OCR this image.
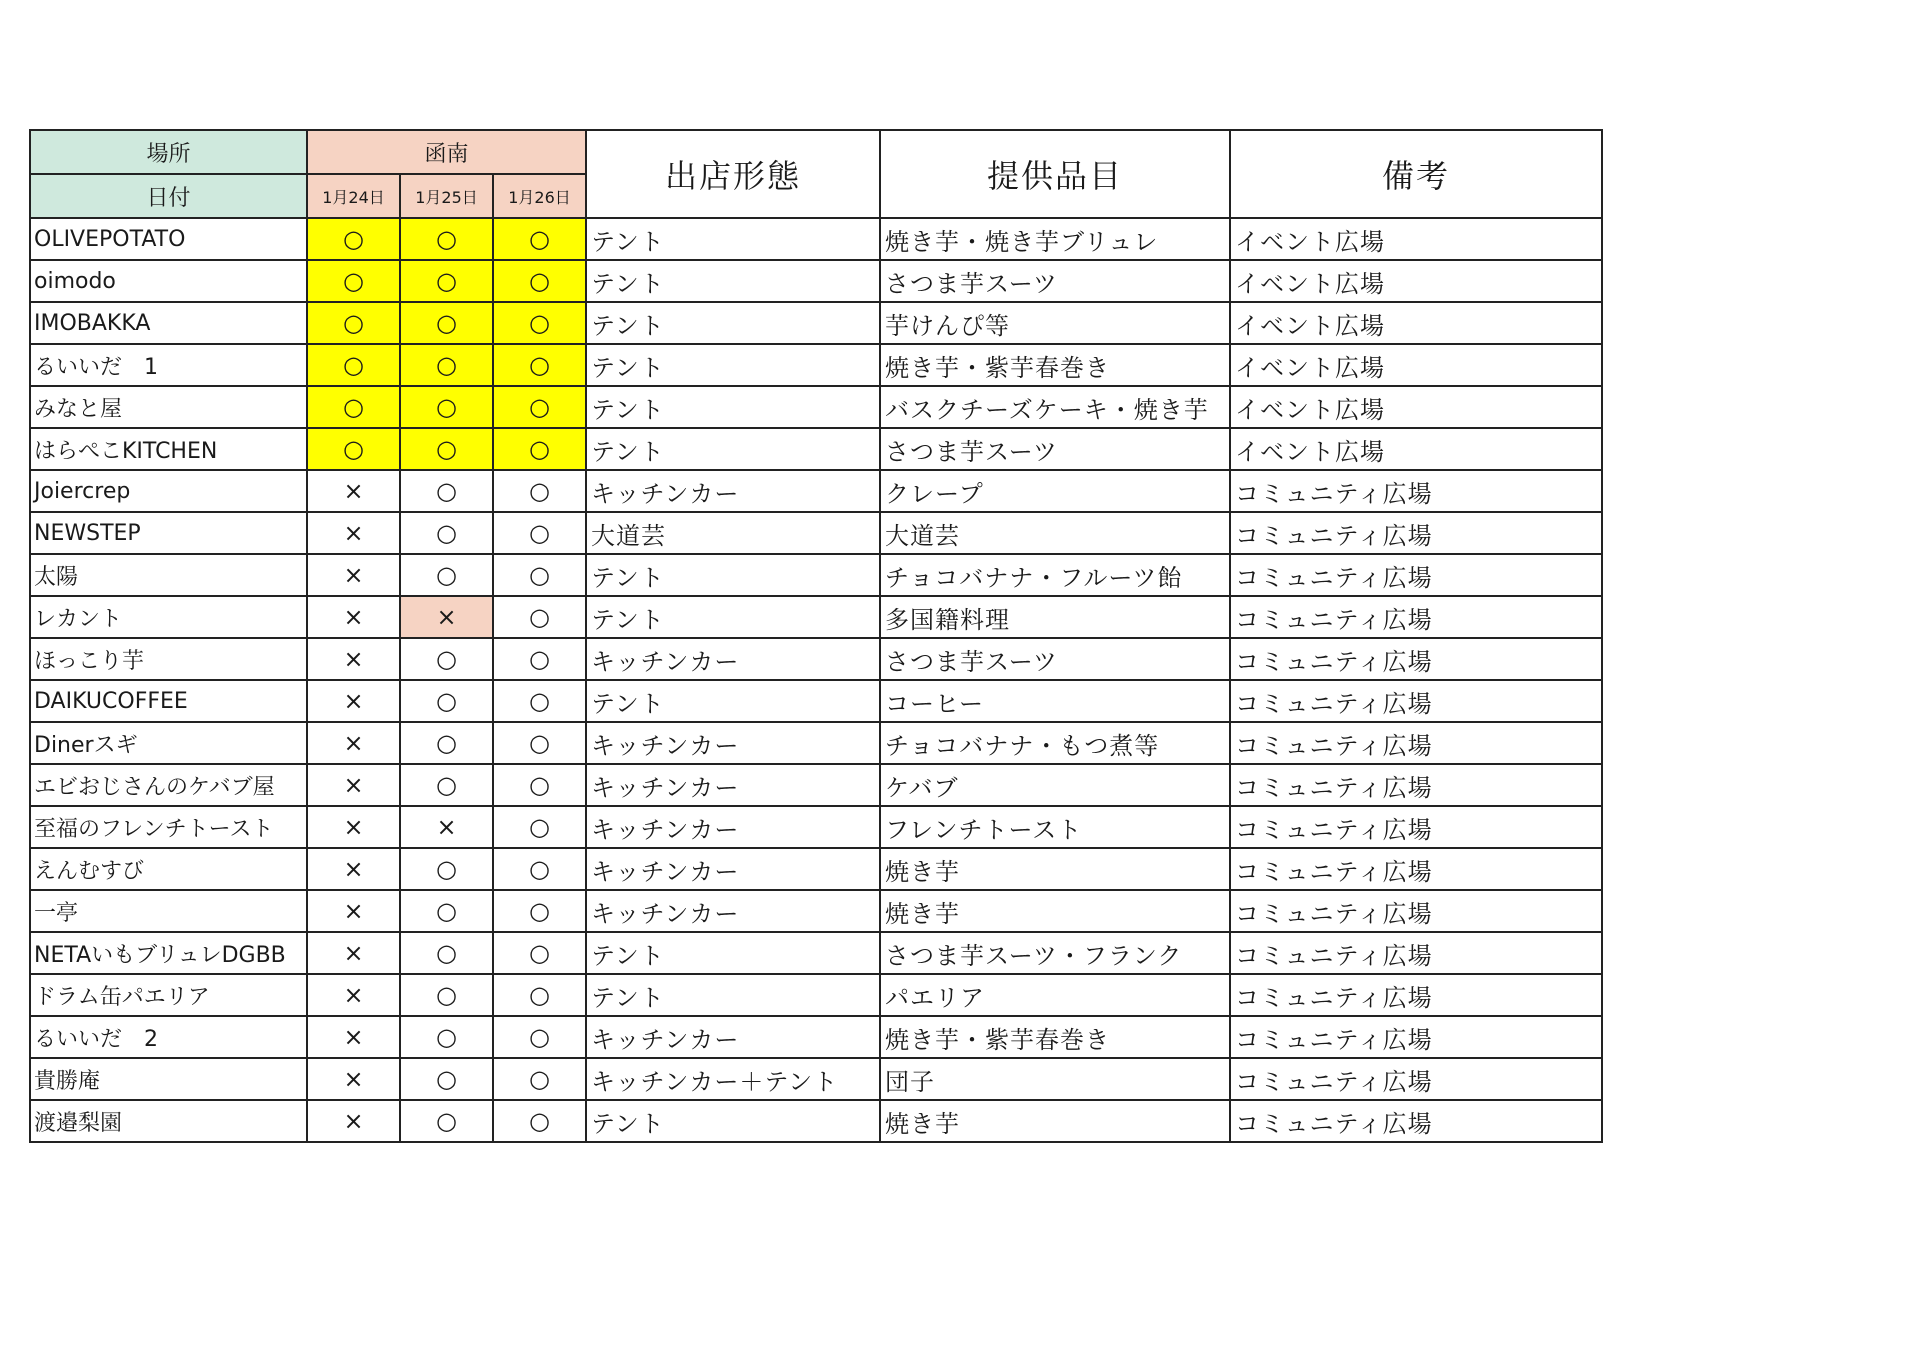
場所	函南			出店形態	提供品目	備考
日付	1月24日	1月25日	1月26日			
OLIVEPOTATO	○	○	○	テント	焼き芋・焼き芋ブリュレ	イベント広場
oimodo	○	○	○	テント	さつま芋スーツ	イベント広場
IMOBAKKA	○	○	○	テント	芋けんぴ等	イベント広場
るいいだ　1	○	○	○	テント	焼き芋・紫芋春巻き	イベント広場
みなと屋	○	○	○	テント	バスクチーズケーキ・焼き芋	イベント広場
はらぺこKITCHEN	○	○	○	テント	さつま芋スーツ	イベント広場
Joiercrep	×	○	○	キッチンカー	クレープ	コミュニティ広場
NEWSTEP	×	○	○	大道芸	大道芸	コミュニティ広場
太陽	×	○	○	テント	チョコバナナ・フルーツ飴	コミュニティ広場
レカント	×	×	○	テント	多国籍料理	コミュニティ広場
ほっこり芋	×	○	○	キッチンカー	さつま芋スーツ	コミュニティ広場
DAIKUCOFFEE	×	○	○	テント	コーヒー	コミュニティ広場
Dinerスギ	×	○	○	キッチンカー	チョコバナナ・もつ煮等	コミュニティ広場
エビおじさんのケバブ屋	×	○	○	キッチンカー	ケバブ	コミュニティ広場
至福のフレンチトースト	×	×	○	キッチンカー	フレンチトースト	コミュニティ広場
えんむすび	×	○	○	キッチンカー	焼き芋	コミュニティ広場
一亭	×	○	○	キッチンカー	焼き芋	コミュニティ広場
NETAいもブリュレDGBB	×	○	○	テント	さつま芋スーツ・フランク	コミュニティ広場
ドラム缶パエリア	×	○	○	テント	パエリア	コミュニティ広場
るいいだ　2	×	○	○	キッチンカー	焼き芋・紫芋春巻き	コミュニティ広場
貴勝庵	×	○	○	キッチンカー＋テント	団子	コミュニティ広場
渡邉梨園	×	○	○	テント	焼き芋	コミュニティ広場
